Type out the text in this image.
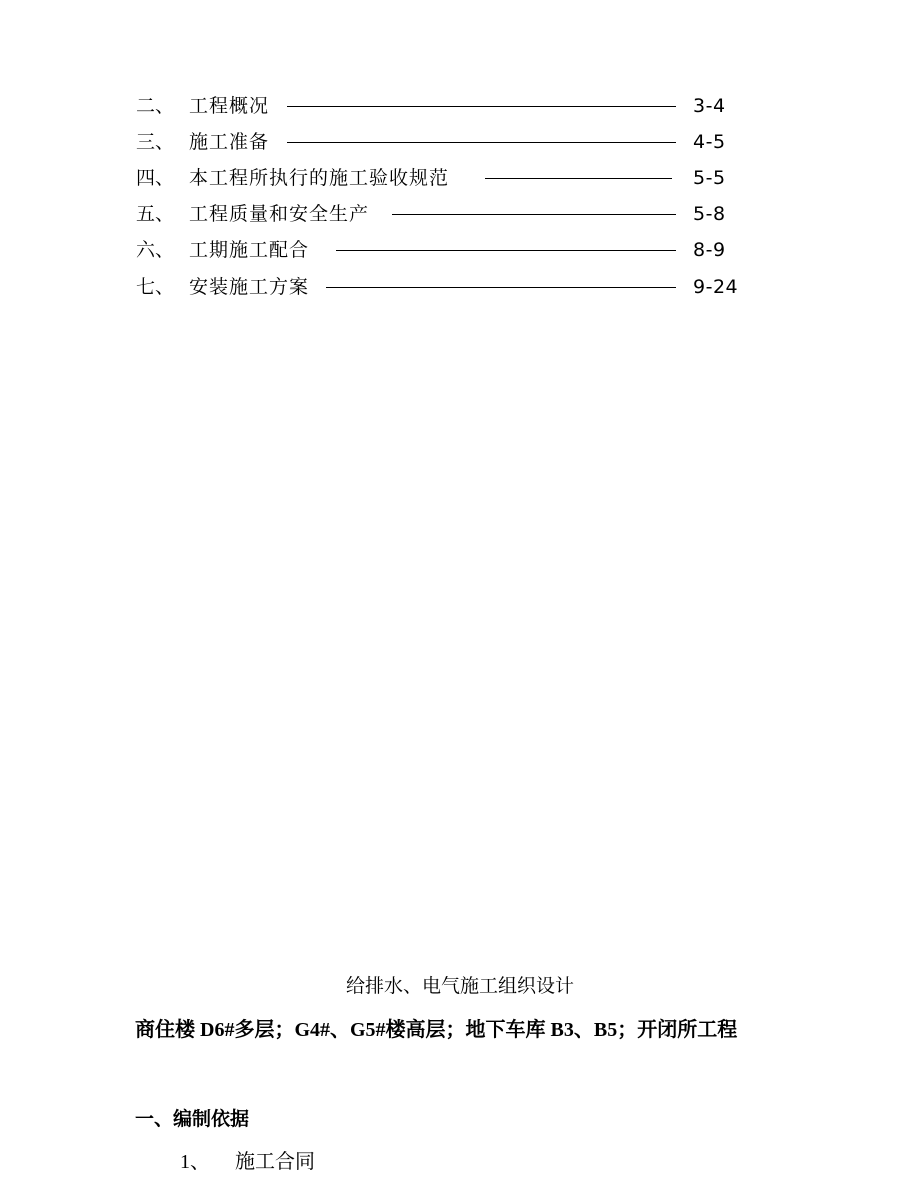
二、 工程概况	3-4
三、 施工准备	4-5
四、 本工程所执行的施工验收规范	5-5
五、 工程质量和安全生产	5-8
六、 工期施工配合	8-9
七、 安装施工方案	9-24
给排水、电气施工组织设计
商住楼 D6#多层；G4#、G5#楼高层；地下车库 B3、B5；开闭所工程
一、编制依据
1、 施工合同
